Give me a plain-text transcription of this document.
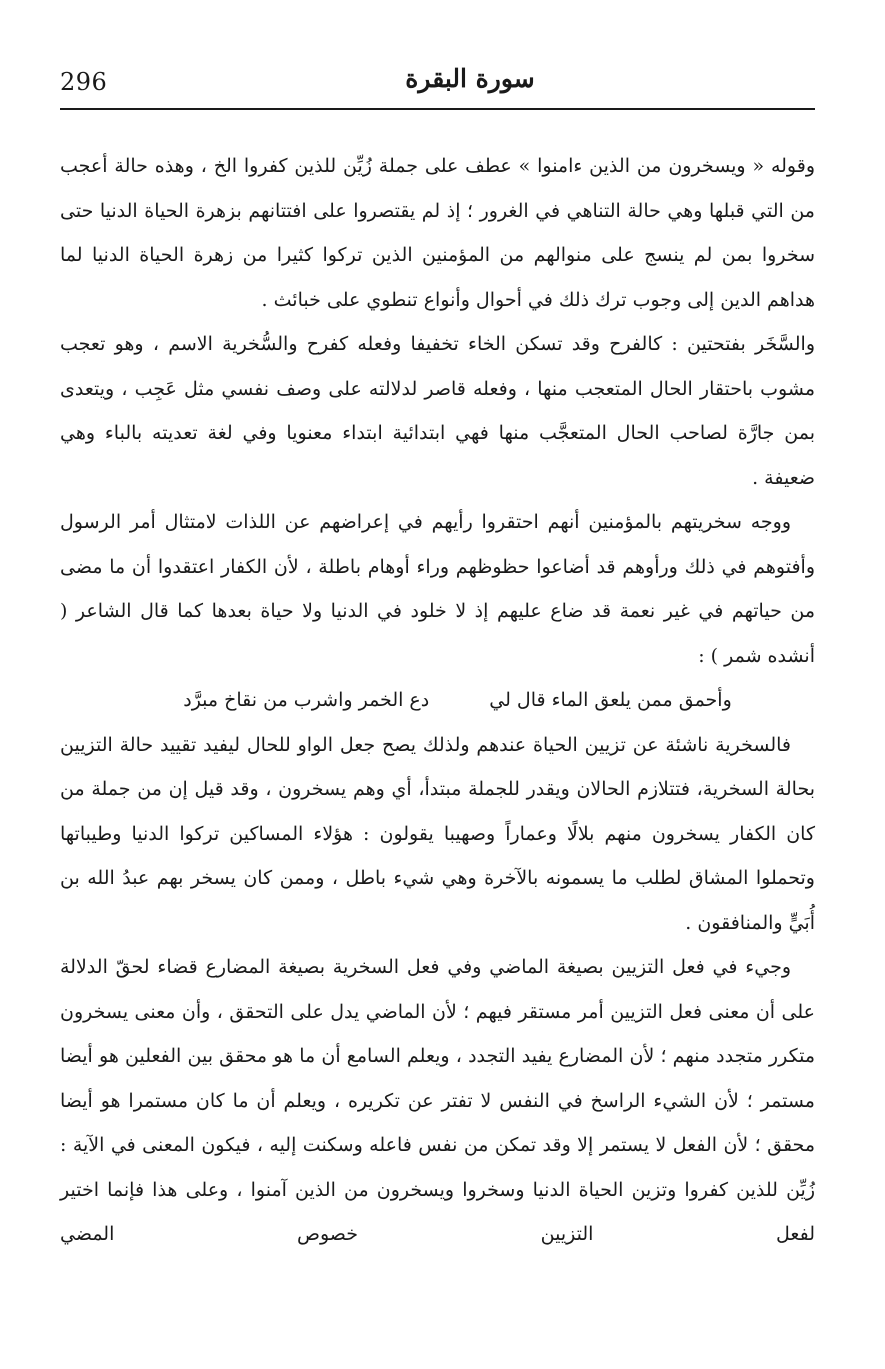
296	سورة البقرة

وقوله « ويسخرون من الذين ءامنوا » عطف على جملة زُيِّن للذين كفروا الخ ، وهذه حالة أعجب من التي قبلها وهي حالة التناهي في الغرور ؛ إذ لم يقتصروا على افتتانهم بزهرة الحياة الدنيا حتى سخروا بمن لم ينسج على منوالهم من المؤمنين الذين تركوا كثيرا من زهرة الحياة الدنيا لما هداهم الدين إلى وجوب ترك ذلك في أحوال وأنواع تنطوي على خبائث .

والسَّخَر بفتحتين : كالفرح وقد تسكن الخاء تخفيفا وفعله كفرح والسُّخرية الاسم ، وهو تعجب مشوب باحتقار الحال المتعجب منها ، وفعله قاصر لدلالته على وصف نفسي مثل عَجِب ، ويتعدى بمن جارَّة لصاحب الحال المتعجَّب منها فهي ابتدائية ابتداء معنويا وفي لغة تعديته بالباء وهي ضعيفة .

ووجه سخريتهم بالمؤمنين أنهم احتقروا رأيهم في إعراضهم عن اللذات لامتثال أمر الرسول وأفتوهم في ذلك ورأوهم قد أضاعوا حظوظهم وراء أوهام باطلة ، لأن الكفار اعتقدوا أن ما مضى من حياتهم في غير نعمة قد ضاع عليهم إذ لا خلود في الدنيا ولا حياة بعدها كما قال الشاعر ( أنشده شمر ) :

وأحمق ممن يلعق الماء قال لي
دع الخمر واشرب من نقاخ مبرَّد

فالسخرية ناشئة عن تزيين الحياة عندهم ولذلك يصح جعل الواو للحال ليفيد تقييد حالة التزيين بحالة السخرية، فتتلازم الحالان ويقدر للجملة مبتدأ، أي وهم يسخرون ، وقد قيل إن من جملة من كان الكفار يسخرون منهم بلالًا وعماراً وصهيبا يقولون : هؤلاء المساكين تركوا الدنيا وطيباتها وتحملوا المشاق لطلب ما يسمونه بالآخرة وهي شيء باطل ، وممن كان يسخر بهم عبدُ الله بن أُبَيٍّ والمنافقون .

وجيء في فعل التزيين بصيغة الماضي وفي فعل السخرية بصيغة المضارع قضاء لحقّ الدلالة على أن معنى فعل التزيين أمر مستقر فيهم ؛ لأن الماضي يدل على التحقق ، وأن معنى يسخرون متكرر متجدد منهم ؛ لأن المضارع يفيد التجدد ، ويعلم السامع أن ما هو محقق بين الفعلين هو أيضا مستمر ؛ لأن الشيء الراسخ في النفس لا تفتر عن تكريره ، ويعلم أن ما كان مستمرا هو أيضا محقق ؛ لأن الفعل لا يستمر إلا وقد تمكن من نفس فاعله وسكنت إليه ، فيكون المعنى في الآية : زُيِّن للذين كفروا وتزين الحياة الدنيا وسخروا ويسخرون من الذين آمنوا ، وعلى هذا فإنما اختير لفعل التزيين خصوص المضي
